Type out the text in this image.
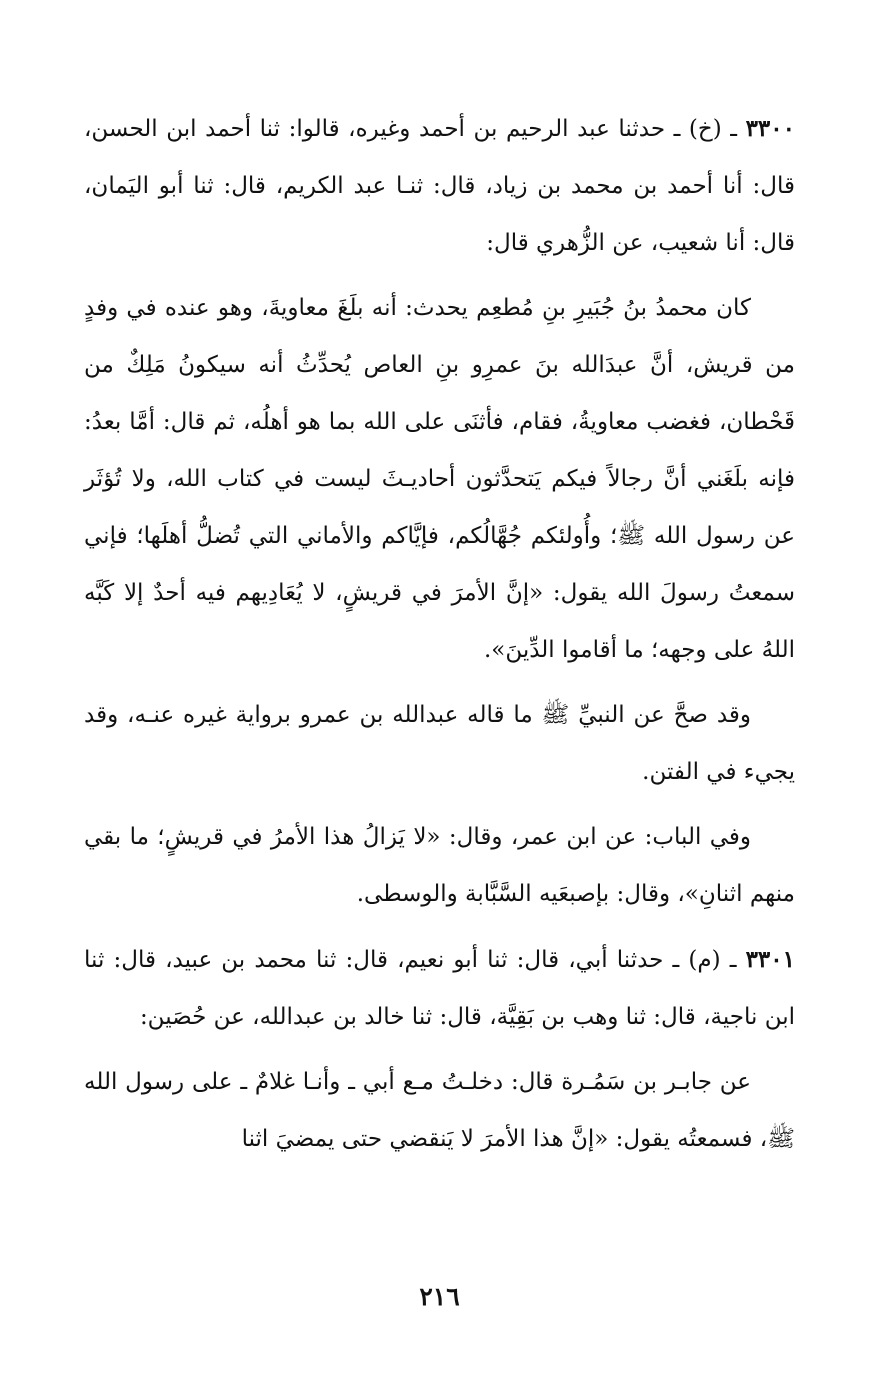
٣٣٠٠ ـ (خ) ـ حدثنا عبد الرحيم بن أحمد وغيره، قالوا: ثنا أحمد ابن الحسن، قال: أنا أحمد بن محمد بن زياد، قال: ثنـا عبد الكريم، قال: ثنا أبو اليَمان، قال: أنا شعيب، عن الزُّهري قال:

كان محمدُ بنُ جُبَيرِ بنِ مُطعِم يحدث: أنه بلَغَ معاويةَ، وهو عنده في وفدٍ من قريش، أنَّ عبدَالله بنَ عمرِو بنِ العاص يُحدِّثُ أنه سيكونُ مَلِكٌ من قَحْطان، فغضب معاويةُ، فقام، فأثنَى على الله بما هو أهلُه، ثم قال: أمَّا بعدُ: فإنه بلَغَني أنَّ رجالاً فيكم يَتحدَّثون أحاديـثَ ليست في كتاب الله، ولا تُؤثَر عن رسول الله ﷺ؛ وأُولئكم جُهَّالُكم، فإيَّاكم والأماني التي تُضلُّ أهلَها؛ فإني سمعتُ رسولَ الله يقول: «إنَّ الأمرَ في قريشٍ، لا يُعَادِيهم فيه أحدٌ إلا كَبَّه اللهُ على وجهه؛ ما أقاموا الدِّينَ».

وقد صحَّ عن النبيِّ ﷺ ما قاله عبدالله بن عمرو برواية غيره عنـه، وقد يجيء في الفتن.

وفي الباب: عن ابن عمر، وقال: «لا يَزالُ هذا الأمرُ في قريشٍ؛ ما بقي منهم اثنانِ»، وقال: بإصبعَيه السَّبَّابة والوسطى.

٣٣٠١ ـ (م) ـ حدثنا أبي، قال: ثنا أبو نعيم، قال: ثنا محمد بن عبيد، قال: ثنا ابن ناجية، قال: ثنا وهب بن بَقِيَّة، قال: ثنا خالد بن عبدالله، عن حُصَين:

عن جابـر بن سَمُـرة قال: دخلـتُ مـع أبي ـ وأنـا غلامٌ ـ على رسول الله ﷺ، فسمعتُه يقول: «إنَّ هذا الأمرَ لا يَنقضي حتى يمضيَ اثنا

٢١٦
